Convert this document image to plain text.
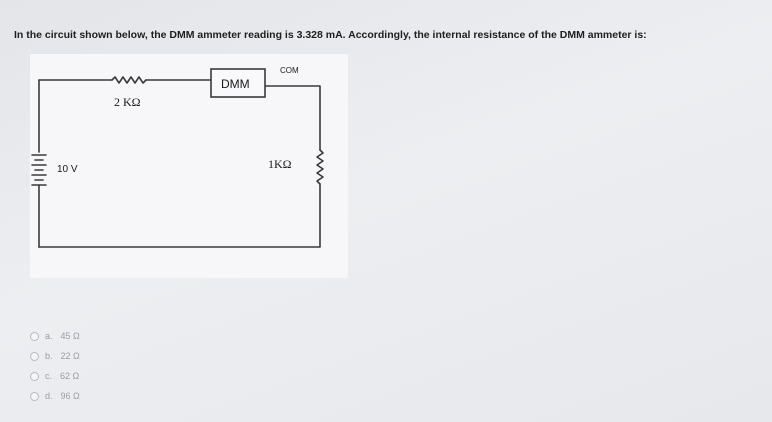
In the circuit shown below, the DMM ammeter reading is 3.328 mA. Accordingly, the internal resistance of the DMM ammeter is:
10 V
2 KΩ
DMM
COM
1KΩ
a. 45 Ω
b. 22 Ω
c. 62 Ω
d. 96 Ω
